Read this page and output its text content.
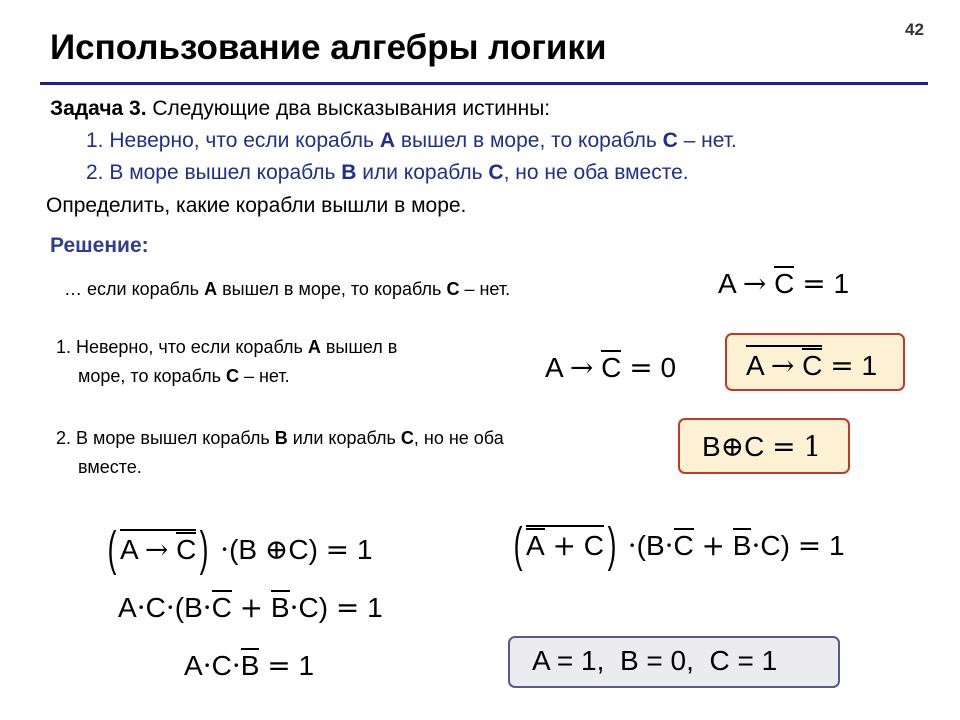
Использование алгебры логики	42
Задача 3. Следующие два высказывания истинны:
1. Неверно, что если корабль A вышел в море, то корабль C – нет.
2. В море вышел корабль B или корабль C, но не оба вместе.
Определить, какие корабли вышли в море.
Решение:
… если корабль А вышел в море, то корабль C – нет.	A → C = 1
1. Неверно, что если корабль А вышел в
море, то корабль C – нет.	A → C = 0 A → C = 1
2. В море вышел корабль B или корабль C, но не оба
вместе.
B⊕C = 1
( A → C) ·(B ⊕C) = 1	( A + C) ·(B·C + B·C) = 1
A·C·(B·C + B·C) = 1
A·C·B = 1	A = 1, B = 0, C = 1
